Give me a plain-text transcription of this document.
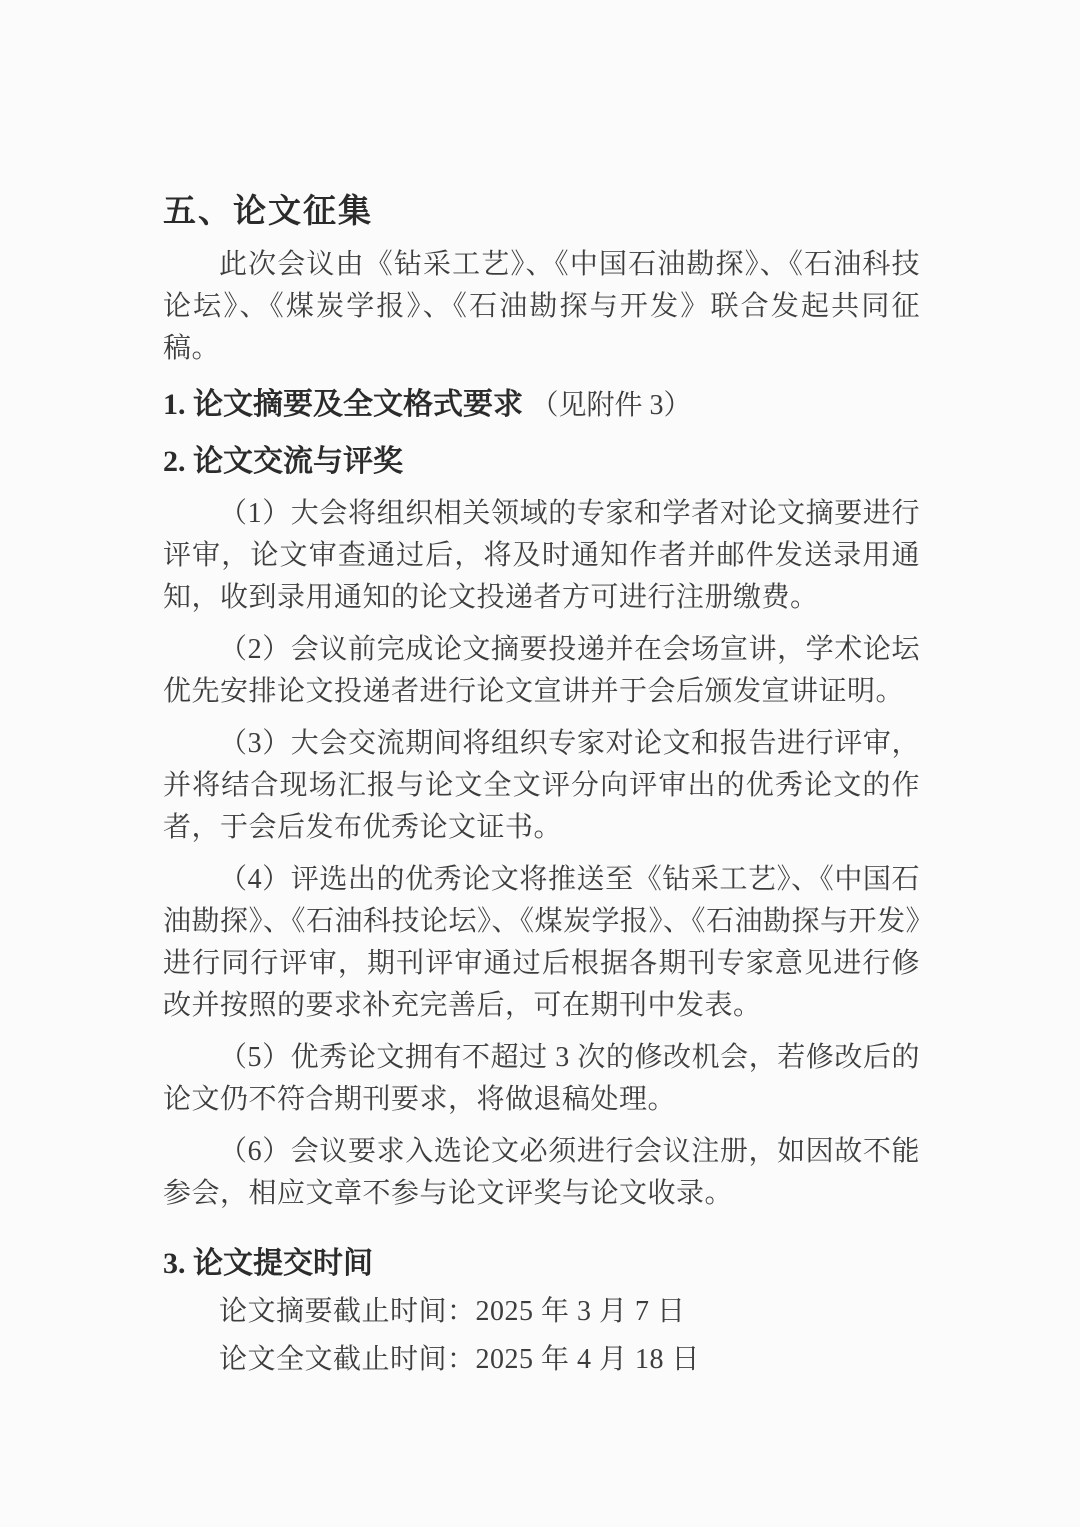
五、论文征集

此次会议由《钻采工艺》、《中国石油勘探》、《石油科技论坛》、《煤炭学报》、《石油勘探与开发》联合发起共同征稿。

1. 论文摘要及全文格式要求 （见附件 3）
2. 论文交流与评奖

（1）大会将组织相关领域的专家和学者对论文摘要进行评审，论文审查通过后，将及时通知作者并邮件发送录用通知，收到录用通知的论文投递者方可进行注册缴费。

（2）会议前完成论文摘要投递并在会场宣讲，学术论坛优先安排论文投递者进行论文宣讲并于会后颁发宣讲证明。

（3）大会交流期间将组织专家对论文和报告进行评审，并将结合现场汇报与论文全文评分向评审出的优秀论文的作者，于会后发布优秀论文证书。

（4）评选出的优秀论文将推送至《钻采工艺》、《中国石油勘探》、《石油科技论坛》、《煤炭学报》、《石油勘探与开发》进行同行评审，期刊评审通过后根据各期刊专家意见进行修改并按照的要求补充完善后，可在期刊中发表。

（5）优秀论文拥有不超过 3 次的修改机会，若修改后的论文仍不符合期刊要求，将做退稿处理。

（6）会议要求入选论文必须进行会议注册，如因故不能参会，相应文章不参与论文评奖与论文收录。

3. 论文提交时间

论文摘要截止时间：2025 年 3 月 7 日

论文全文截止时间：2025 年 4 月 18 日
